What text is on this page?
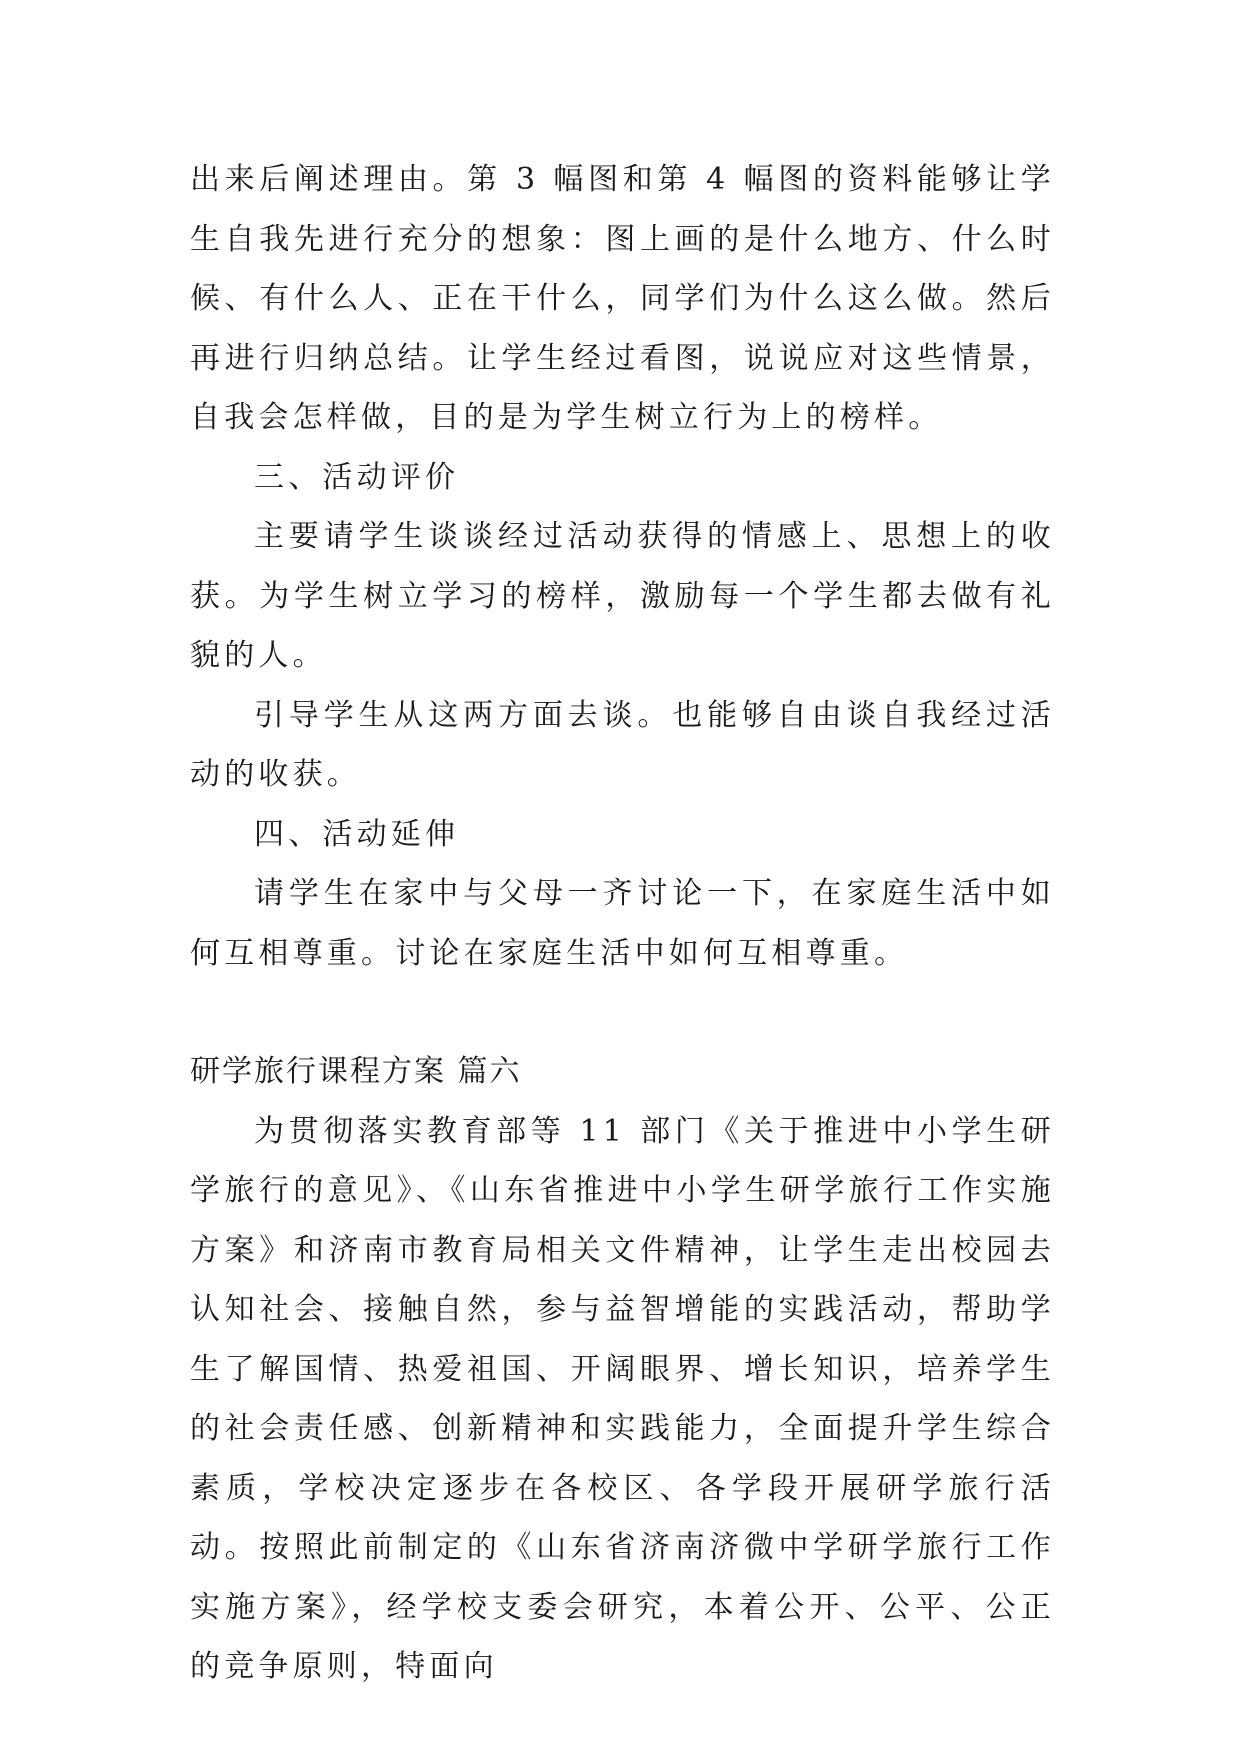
出来后阐述理由。第 3 幅图和第 4 幅图的资料能够让学生自我先进行充分的想象：图上画的是什么地方、什么时候、有什么人、正在干什么，同学们为什么这么做。然后再进行归纳总结。让学生经过看图，说说应对这些情景，自我会怎样做，目的是为学生树立行为上的榜样。

三、活动评价

主要请学生谈谈经过活动获得的情感上、思想上的收获。为学生树立学习的榜样，激励每一个学生都去做有礼貌的人。

引导学生从这两方面去谈。也能够自由谈自我经过活动的收获。

四、活动延伸

请学生在家中与父母一齐讨论一下，在家庭生活中如何互相尊重。讨论在家庭生活中如何互相尊重。

研学旅行课程方案 篇六

为贯彻落实教育部等 11 部门《关于推进中小学生研学旅行的意见》、《山东省推进中小学生研学旅行工作实施方案》和济南市教育局相关文件精神，让学生走出校园去认知社会、接触自然，参与益智增能的实践活动，帮助学生了解国情、热爱祖国、开阔眼界、增长知识，培养学生的社会责任感、创新精神和实践能力，全面提升学生综合素质，学校决定逐步在各校区、各学段开展研学旅行活动。按照此前制定的《山东省济南济微中学研学旅行工作实施方案》，经学校支委会研究，本着公开、公平、公正的竞争原则，特面向
